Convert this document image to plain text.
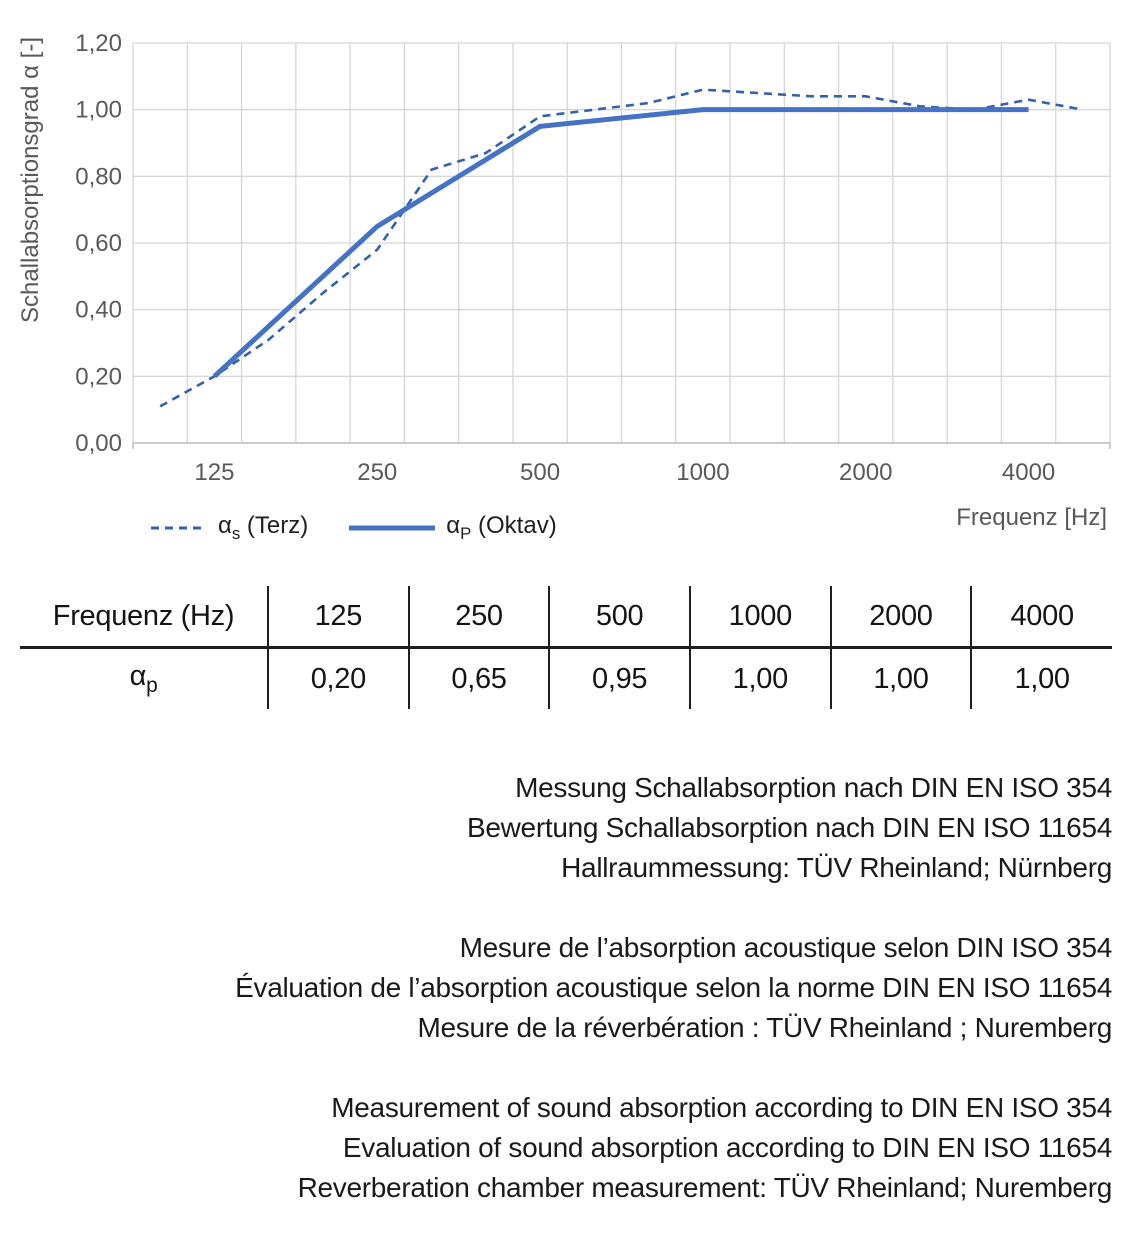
0,00
0,20
0,40
0,60
0,80
1,00
1,20
125	250	500	1000	2000	4000
Schallabsorptionsgrad α [-]
$\alpha_s$ (Terz)	$\alpha_P$ (Oktav)	Frequenz [Hz]
Frequenz (Hz)	125	250	500	1000	2000	4000
$\alpha_p$	0,20	0,65	0,95	1,00	1,00	1,00

Messung Schallabsorption nach DIN EN ISO 354

Bewertung Schallabsorption nach DIN EN ISO 11654

Hallraummessung: TÜV Rheinland; Nürnberg

Mesure de l’absorption acoustique selon DIN ISO 354

Évaluation de l’absorption acoustique selon la norme DIN EN ISO 11654

Mesure de la réverbération : TÜV Rheinland ; Nuremberg

Measurement of sound absorption according to DIN EN ISO 354

Evaluation of sound absorption according to DIN EN ISO 11654

Reverberation chamber measurement: TÜV Rheinland; Nuremberg
